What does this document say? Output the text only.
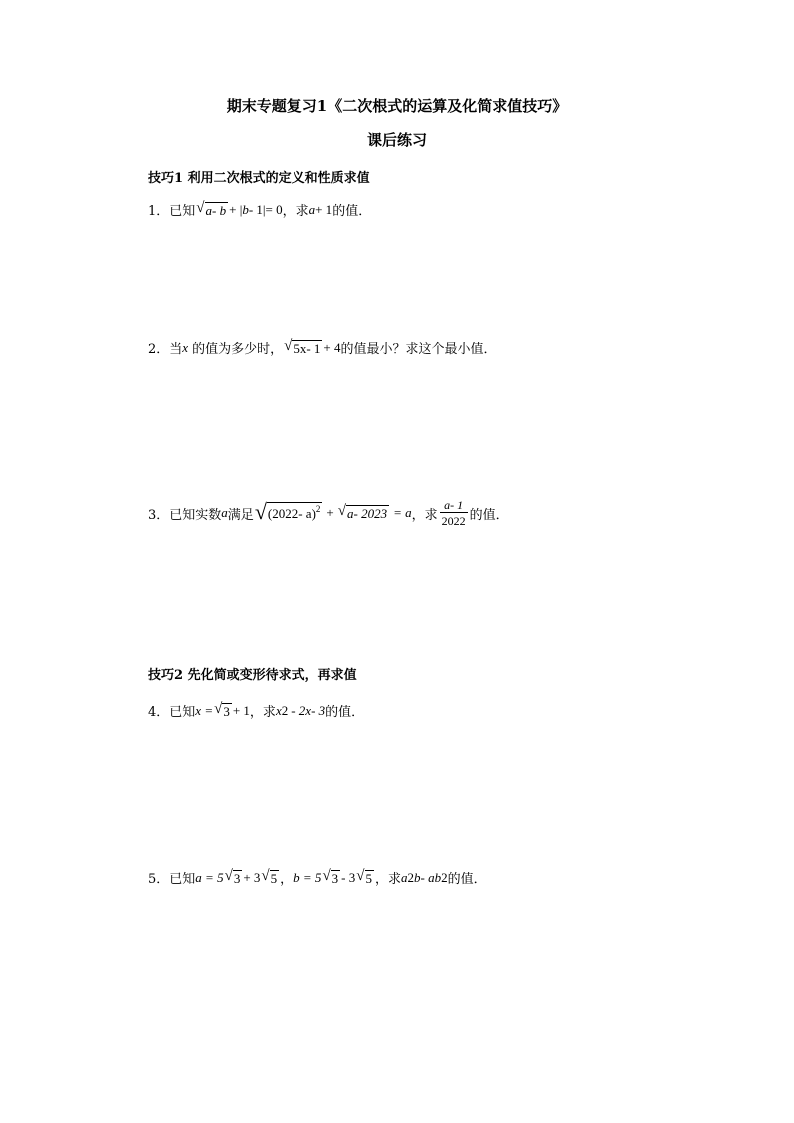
期末专题复习1《二次根式的运算及化简求值技巧》
课后练习
技巧1 利用二次根式的定义和性质求值
1． 已知 √ a- b + | b - 1|= 0 ，求 a + 1 的值．
2． 当 x 的值为多少时， √ 5x- 1 + 4 的值最小？求这个最小值．
3． 已知实数 a 满足 √ (2022- a)$^2$ + √ a- 2023 = a ，求 $\frac{a- 1}{2022}$ 的值．
技巧2 先化简或变形待求式，再求值
4． 已知 x = √ 3 + 1 ，求 x 2 - 2x- 3 的值．
5． 已知 a = 5 √ 3 + 3 √ 5 ， b = 5 √ 3 - 3 √ 5 ，求 a 2 b- ab 2 的值．
